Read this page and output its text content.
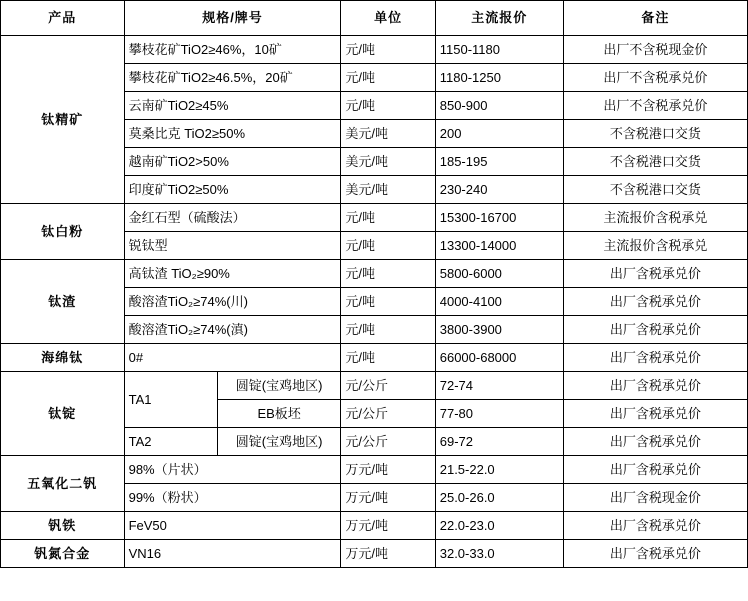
产品	规格/牌号		单位	主流报价	备注
钛精矿	攀枝花矿TiO2≥46%，10矿		元/吨	1150-1180	出厂不含税现金价
	攀枝花矿TiO2≥46.5%，20矿		元/吨	1180-1250	出厂不含税承兑价
	云南矿TiO2≥45%		元/吨	850-900	出厂不含税承兑价
	莫桑比克 TiO2≥50%		美元/吨	200	不含税港口交货
	越南矿TiO2>50%		美元/吨	185-195	不含税港口交货
	印度矿TiO2≥50%		美元/吨	230-240	不含税港口交货
钛白粉	金红石型（硫酸法）		元/吨	15300-16700	主流报价含税承兑
	锐钛型		元/吨	13300-14000	主流报价含税承兑
钛渣	高钛渣 TiO₂≥90%		元/吨	5800-6000	出厂含税承兑价
	酸溶渣TiO₂≥74%(川)		元/吨	4000-4100	出厂含税承兑价
	酸溶渣TiO₂≥74%(滇)		元/吨	3800-3900	出厂含税承兑价
海绵钛	0#		元/吨	66000-68000	出厂含税承兑价
钛锭	TA1	圆锭(宝鸡地区)	元/公斤	72-74	出厂含税承兑价
		EB板坯	元/公斤	77-80	出厂含税承兑价
	TA2	圆锭(宝鸡地区)	元/公斤	69-72	出厂含税承兑价
五氧化二钒	98%（片状）		万元/吨	21.5-22.0	出厂含税承兑价
	99%（粉状）		万元/吨	25.0-26.0	出厂含税现金价
钒铁	FeV50		万元/吨	22.0-23.0	出厂含税承兑价
钒氮合金	VN16		万元/吨	32.0-33.0	出厂含税承兑价
